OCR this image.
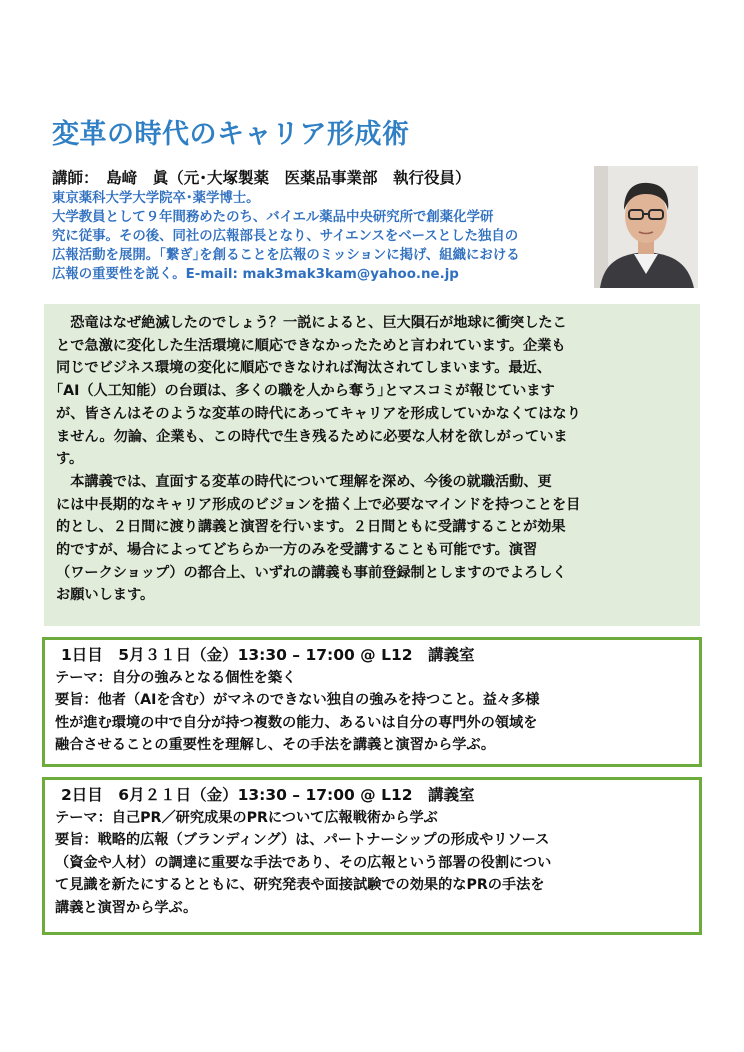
変革の時代のキャリア形成術
講師：　島﨑　眞（元･大塚製薬　医薬品事業部　執行役員）
東京薬科大学大学院卒･薬学博士。
大学教員として９年間務めたのち、バイエル薬品中央研究所で創薬化学研
究に従事。その後、同社の広報部長となり、サイエンスをベースとした独自の
広報活動を展開。｢繋ぎ｣を創ることを広報のミッションに掲げ、組織における
広報の重要性を説く。E-mail: mak3mak3kam@yahoo.ne.jp
　恐竜はなぜ絶滅したのでしょう？一説によると、巨大隕石が地球に衝突したこ
とで急激に変化した生活環境に順応できなかったためと言われています。企業も
同じでビジネス環境の変化に順応できなければ淘汰されてしまいます。最近、
｢AI（人工知能）の台頭は、多くの職を人から奪う｣とマスコミが報じています
が、皆さんはそのような変革の時代にあってキャリアを形成していかなくてはなり
ません。勿論、企業も、この時代で生き残るために必要な人材を欲しがっていま
す。
　本講義では、直面する変革の時代について理解を深め、今後の就職活動、更
には中長期的なキャリア形成のビジョンを描く上で必要なマインドを持つことを目
的とし、２日間に渡り講義と演習を行います。２日間ともに受講することが効果
的ですが、場合によってどちらか一方のみを受講することも可能です。演習
（ワークショップ）の都合上、いずれの講義も事前登録制としますのでよろしく
お願いします。
1日目　5月３１日（金）13:30 – 17:00 @ L12　講義室
テーマ：自分の強みとなる個性を築く
要旨：他者（AIを含む）がマネのできない独自の強みを持つこと。益々多様
性が進む環境の中で自分が持つ複数の能力、あるいは自分の専門外の領域を
融合させることの重要性を理解し、その手法を講義と演習から学ぶ。
2日目　6月２１日（金）13:30 – 17:00 @ L12　講義室
テーマ：自己PR／研究成果のPRについて広報戦術から学ぶ
要旨：戦略的広報（ブランディング）は、パートナーシップの形成やリソース
（資金や人材）の調達に重要な手法であり、その広報という部署の役割につい
て見識を新たにするとともに、研究発表や面接試験での効果的なPRの手法を
講義と演習から学ぶ。
